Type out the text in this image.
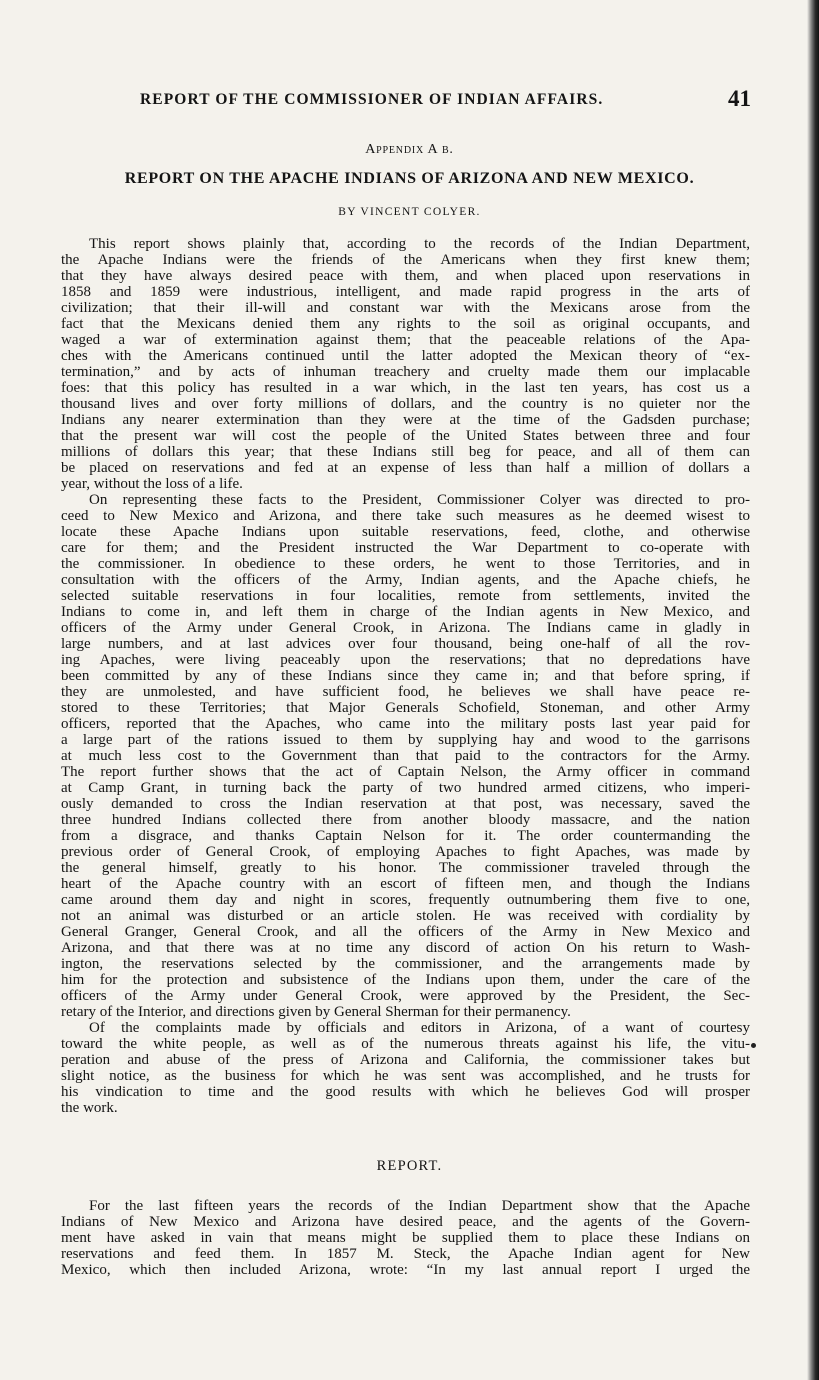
REPORT OF THE COMMISSIONER OF INDIAN AFFAIRS.	41
Appendix A b.
REPORT ON THE APACHE INDIANS OF ARIZONA AND NEW MEXICO.
BY VINCENT COLYER.
This report shows plainly that, according to the records of the Indian Department,
the Apache Indians were the friends of the Americans when they first knew them;
that they have always desired peace with them, and when placed upon reservations in
1858 and 1859 were industrious, intelligent, and made rapid progress in the arts of
civilization; that their ill-will and constant war with the Mexicans arose from the
fact that the Mexicans denied them any rights to the soil as original occupants, and
waged a war of extermination against them; that the peaceable relations of the Apa-
ches with the Americans continued until the latter adopted the Mexican theory of “ex-
termination,” and by acts of inhuman treachery and cruelty made them our implacable
foes: that this policy has resulted in a war which, in the last ten years, has cost us a
thousand lives and over forty millions of dollars, and the country is no quieter nor the
Indians any nearer extermination than they were at the time of the Gadsden purchase;
that the present war will cost the people of the United States between three and four
millions of dollars this year; that these Indians still beg for peace, and all of them can
be placed on reservations and fed at an expense of less than half a million of dollars a
year, without the loss of a life.
On representing these facts to the President, Commissioner Colyer was directed to pro-
ceed to New Mexico and Arizona, and there take such measures as he deemed wisest to
locate these Apache Indians upon suitable reservations, feed, clothe, and otherwise
care for them; and the President instructed the War Department to co-operate with
the commissioner. In obedience to these orders, he went to those Territories, and in
consultation with the officers of the Army, Indian agents, and the Apache chiefs, he
selected suitable reservations in four localities, remote from settlements, invited the
Indians to come in, and left them in charge of the Indian agents in New Mexico, and
officers of the Army under General Crook, in Arizona. The Indians came in gladly in
large numbers, and at last advices over four thousand, being one-half of all the rov-
ing Apaches, were living peaceably upon the reservations; that no depredations have
been committed by any of these Indians since they came in; and that before spring, if
they are unmolested, and have sufficient food, he believes we shall have peace re-
stored to these Territories; that Major Generals Schofield, Stoneman, and other Army
officers, reported that the Apaches, who came into the military posts last year paid for
a large part of the rations issued to them by supplying hay and wood to the garrisons
at much less cost to the Government than that paid to the contractors for the Army.
The report further shows that the act of Captain Nelson, the Army officer in command
at Camp Grant, in turning back the party of two hundred armed citizens, who imperi-
ously demanded to cross the Indian reservation at that post, was necessary, saved the
three hundred Indians collected there from another bloody massacre, and the nation
from a disgrace, and thanks Captain Nelson for it. The order countermanding the
previous order of General Crook, of employing Apaches to fight Apaches, was made by
the general himself, greatly to his honor. The commissioner traveled through the
heart of the Apache country with an escort of fifteen men, and though the Indians
came around them day and night in scores, frequently outnumbering them five to one,
not an animal was disturbed or an article stolen. He was received with cordiality by
General Granger, General Crook, and all the officers of the Army in New Mexico and
Arizona, and that there was at no time any discord of action On his return to Wash-
ington, the reservations selected by the commissioner, and the arrangements made by
him for the protection and subsistence of the Indians upon them, under the care of the
officers of the Army under General Crook, were approved by the President, the Sec-
retary of the Interior, and directions given by General Sherman for their permanency.
Of the complaints made by officials and editors in Arizona, of a want of courtesy
toward the white people, as well as of the numerous threats against his life, the vitu-
peration and abuse of the press of Arizona and California, the commissioner takes but
slight notice, as the business for which he was sent was accomplished, and he trusts for
his vindication to time and the good results with which he believes God will prosper
the work.
REPORT.
For the last fifteen years the records of the Indian Department show that the Apache
Indians of New Mexico and Arizona have desired peace, and the agents of the Govern-
ment have asked in vain that means might be supplied them to place these Indians on
reservations and feed them. In 1857 M. Steck, the Apache Indian agent for New
Mexico, which then included Arizona, wrote: “In my last annual report I urged the
